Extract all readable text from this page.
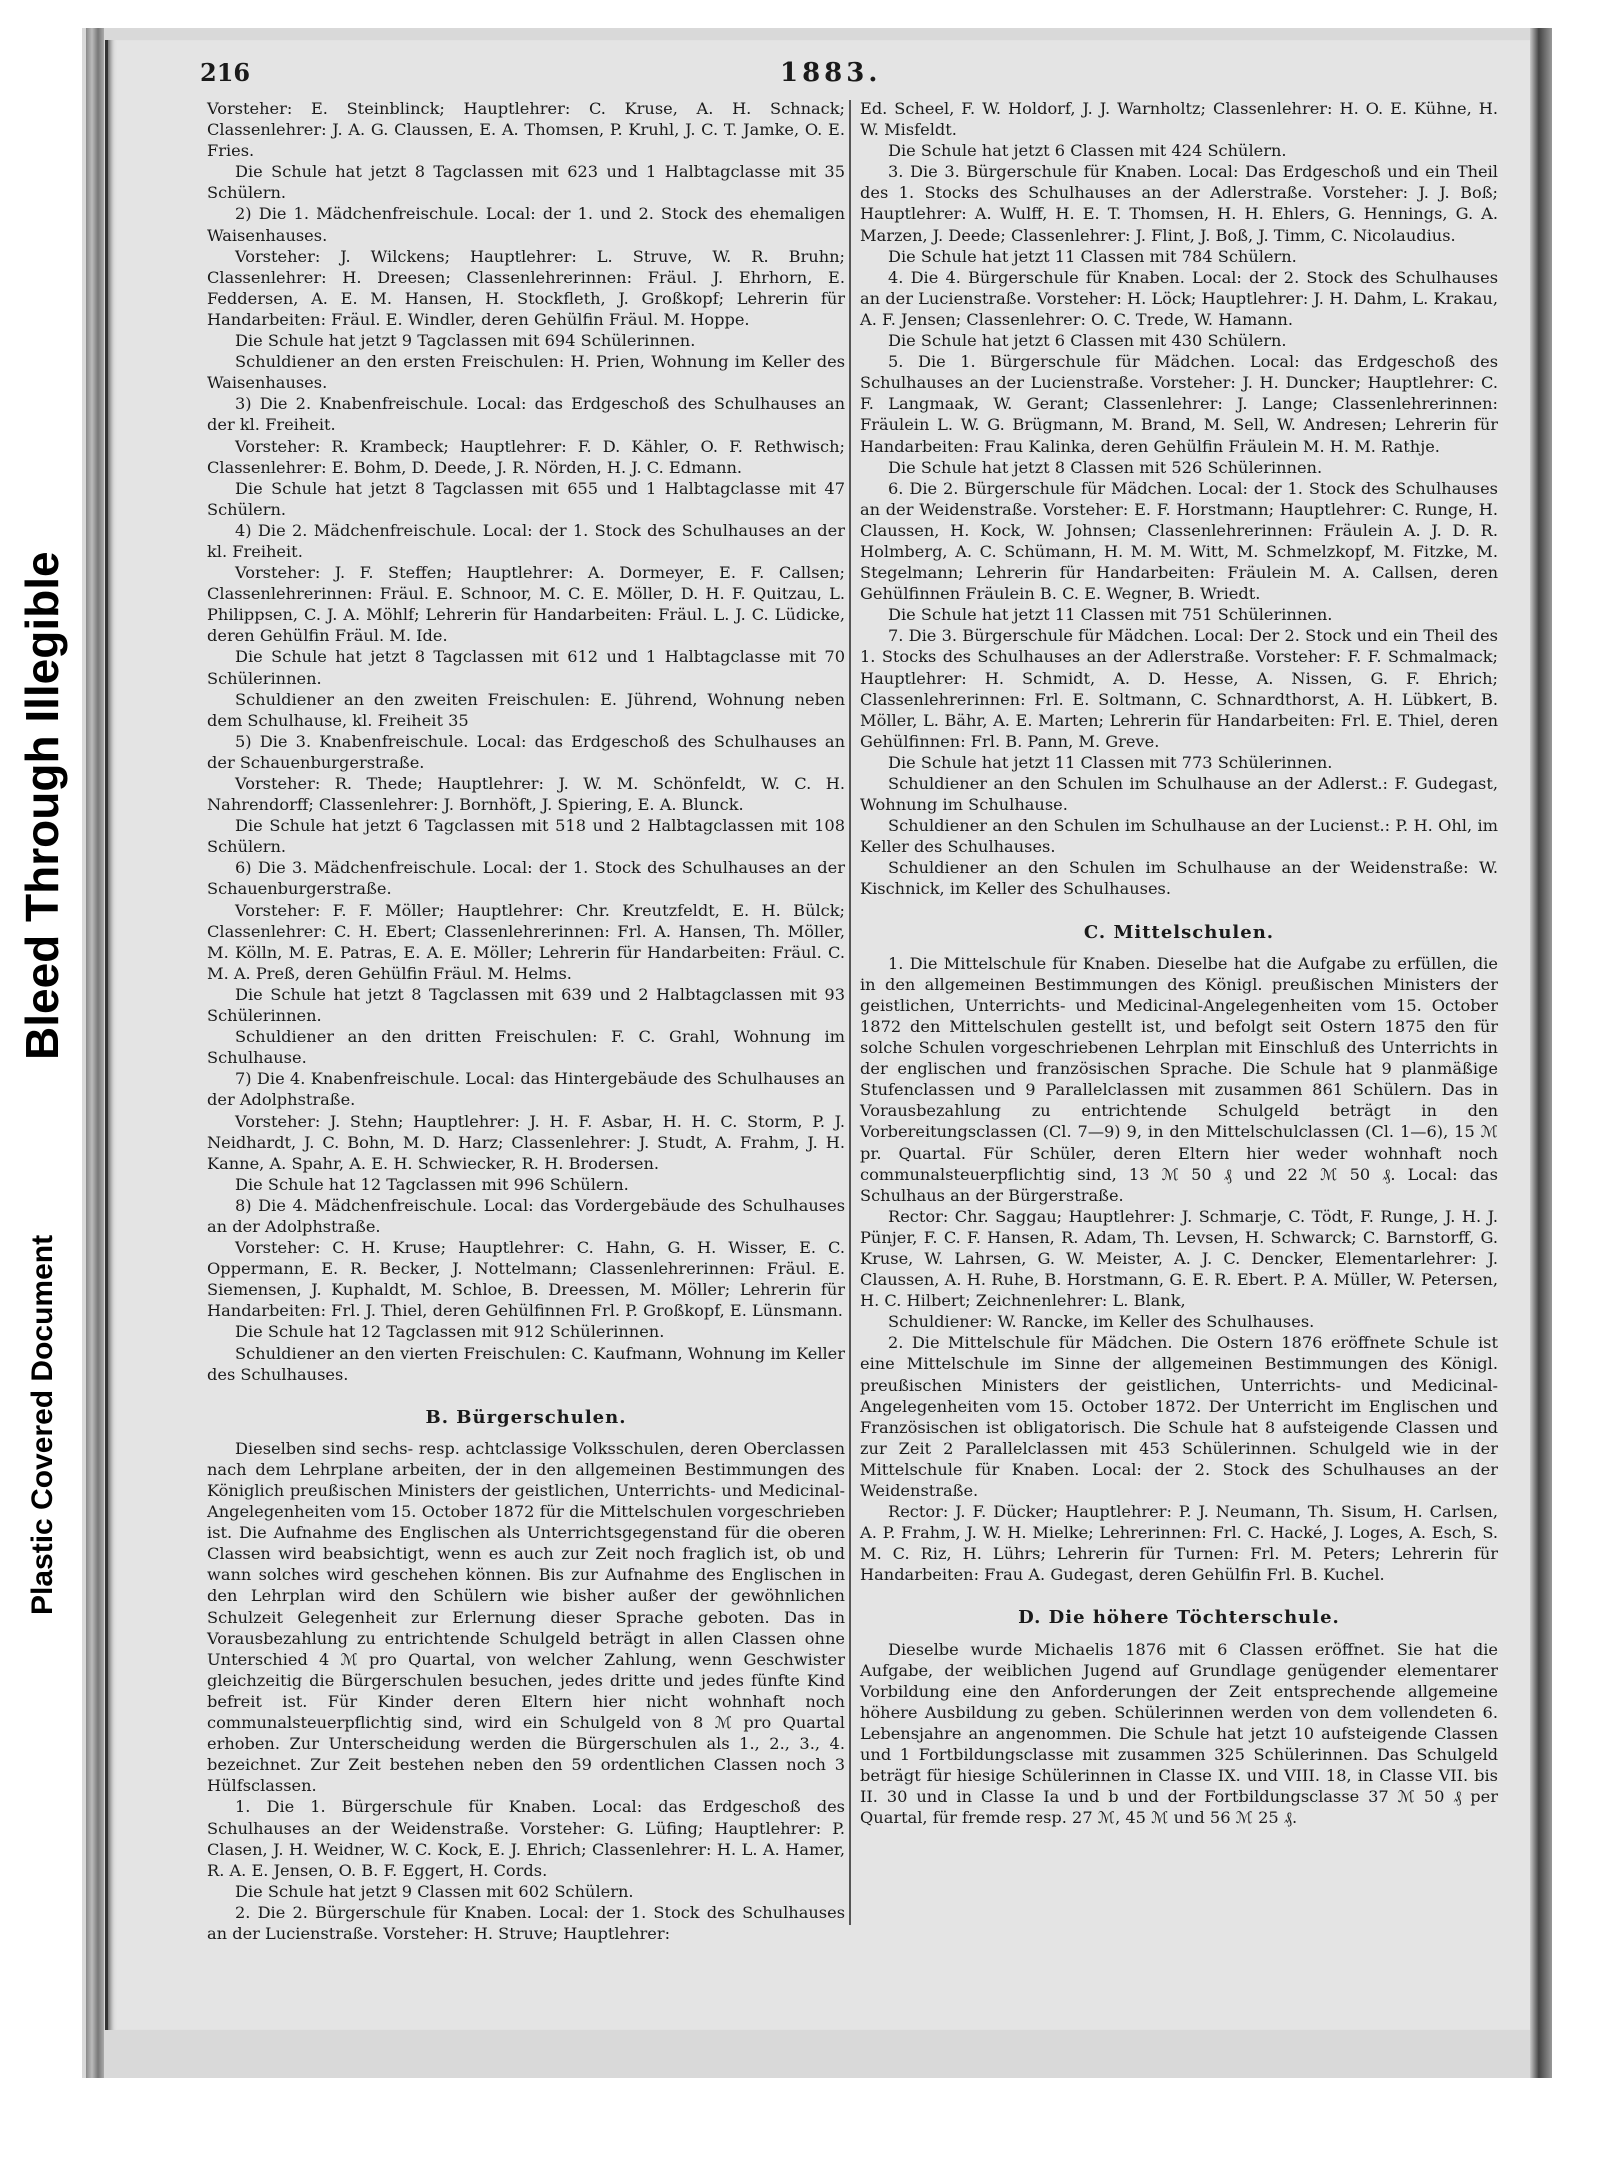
Bleed Through Illegible
Plastic Covered Document
216	1883.

Vorsteher: E. Steinblinck; Hauptlehrer: C. Kruse, A. H. Schnack; Classenlehrer: J. A. G. Claussen, E. A. Thomsen, P. Kruhl, J. C. T. Jamke, O. E. Fries.

Die Schule hat jetzt 8 Tagclassen mit 623 und 1 Halbtagclasse mit 35 Schülern.

2) Die 1. Mädchenfreischule. Local: der 1. und 2. Stock des ehemaligen Waisenhauses.

Vorsteher: J. Wilckens; Hauptlehrer: L. Struve, W. R. Bruhn; Classenlehrer: H. Dreesen; Classenlehrerinnen: Fräul. J. Ehrhorn, E. Feddersen, A. E. M. Hansen, H. Stockfleth, J. Großkopf; Lehrerin für Handarbeiten: Fräul. E. Windler, deren Gehülfin Fräul. M. Hoppe.

Die Schule hat jetzt 9 Tagclassen mit 694 Schülerinnen.

Schuldiener an den ersten Freischulen: H. Prien, Wohnung im Keller des Waisenhauses.

3) Die 2. Knabenfreischule. Local: das Erdgeschoß des Schulhauses an der kl. Freiheit.

Vorsteher: R. Krambeck; Hauptlehrer: F. D. Kähler, O. F. Rethwisch; Classenlehrer: E. Bohm, D. Deede, J. R. Nörden, H. J. C. Edmann.

Die Schule hat jetzt 8 Tagclassen mit 655 und 1 Halbtagclasse mit 47 Schülern.

4) Die 2. Mädchenfreischule. Local: der 1. Stock des Schulhauses an der kl. Freiheit.

Vorsteher: J. F. Steffen; Hauptlehrer: A. Dormeyer, E. F. Callsen; Classenlehrerinnen: Fräul. E. Schnoor, M. C. E. Möller, D. H. F. Quitzau, L. Philippsen, C. J. A. Möhlf; Lehrerin für Handarbeiten: Fräul. L. J. C. Lüdicke, deren Gehülfin Fräul. M. Ide.

Die Schule hat jetzt 8 Tagclassen mit 612 und 1 Halbtagclasse mit 70 Schülerinnen.

Schuldiener an den zweiten Freischulen: E. Jührend, Wohnung neben dem Schulhause, kl. Freiheit 35

5) Die 3. Knabenfreischule. Local: das Erdgeschoß des Schulhauses an der Schauenburgerstraße.

Vorsteher: R. Thede; Hauptlehrer: J. W. M. Schönfeldt, W. C. H. Nahrendorff; Classenlehrer: J. Bornhöft, J. Spiering, E. A. Blunck.

Die Schule hat jetzt 6 Tagclassen mit 518 und 2 Halbtagclassen mit 108 Schülern.

6) Die 3. Mädchenfreischule. Local: der 1. Stock des Schulhauses an der Schauenburgerstraße.

Vorsteher: F. F. Möller; Hauptlehrer: Chr. Kreutzfeldt, E. H. Bülck; Classenlehrer: C. H. Ebert; Classenlehrerinnen: Frl. A. Hansen, Th. Möller, M. Kölln, M. E. Patras, E. A. E. Möller; Lehrerin für Handarbeiten: Fräul. C. M. A. Preß, deren Gehülfin Fräul. M. Helms.

Die Schule hat jetzt 8 Tagclassen mit 639 und 2 Halbtagclassen mit 93 Schülerinnen.

Schuldiener an den dritten Freischulen: F. C. Grahl, Wohnung im Schulhause.

7) Die 4. Knabenfreischule. Local: das Hintergebäude des Schulhauses an der Adolphstraße.

Vorsteher: J. Stehn; Hauptlehrer: J. H. F. Asbar, H. H. C. Storm, P. J. Neidhardt, J. C. Bohn, M. D. Harz; Classenlehrer: J. Studt, A. Frahm, J. H. Kanne, A. Spahr, A. E. H. Schwiecker, R. H. Brodersen.

Die Schule hat 12 Tagclassen mit 996 Schülern.

8) Die 4. Mädchenfreischule. Local: das Vordergebäude des Schulhauses an der Adolphstraße.

Vorsteher: C. H. Kruse; Hauptlehrer: C. Hahn, G. H. Wisser, E. C. Oppermann, E. R. Becker, J. Nottelmann; Classenlehrerinnen: Fräul. E. Siemensen, J. Kuphaldt, M. Schloe, B. Dreessen, M. Möller; Lehrerin für Handarbeiten: Frl. J. Thiel, deren Gehülfinnen Frl. P. Großkopf, E. Lünsmann.

Die Schule hat 12 Tagclassen mit 912 Schülerinnen.

Schuldiener an den vierten Freischulen: C. Kaufmann, Wohnung im Keller des Schulhauses.

B. Bürgerschulen.

Dieselben sind sechs- resp. achtclassige Volksschulen, deren Oberclassen nach dem Lehrplane arbeiten, der in den allgemeinen Bestimmungen des Königlich preußischen Ministers der geistlichen, Unterrichts- und Medicinal-Angelegenheiten vom 15. October 1872 für die Mittelschulen vorgeschrieben ist. Die Aufnahme des Englischen als Unterrichtsgegenstand für die oberen Classen wird beabsichtigt, wenn es auch zur Zeit noch fraglich ist, ob und wann solches wird geschehen können. Bis zur Aufnahme des Englischen in den Lehrplan wird den Schülern wie bisher außer der gewöhnlichen Schulzeit Gelegenheit zur Erlernung dieser Sprache geboten. Das in Vorausbezahlung zu entrichtende Schulgeld beträgt in allen Classen ohne Unterschied 4 ℳ pro Quartal, von welcher Zahlung, wenn Geschwister gleichzeitig die Bürgerschulen besuchen, jedes dritte und jedes fünfte Kind befreit ist. Für Kinder deren Eltern hier nicht wohnhaft noch communalsteuerpflichtig sind, wird ein Schulgeld von 8 ℳ pro Quartal erhoben. Zur Unterscheidung werden die Bürgerschulen als 1., 2., 3., 4. bezeichnet. Zur Zeit bestehen neben den 59 ordentlichen Classen noch 3 Hülfsclassen.

1. Die 1. Bürgerschule für Knaben. Local: das Erdgeschoß des Schulhauses an der Weidenstraße. Vorsteher: G. Lüfing; Hauptlehrer: P. Clasen, J. H. Weidner, W. C. Kock, E. J. Ehrich; Classenlehrer: H. L. A. Hamer, R. A. E. Jensen, O. B. F. Eggert, H. Cords.

Die Schule hat jetzt 9 Classen mit 602 Schülern.

2. Die 2. Bürgerschule für Knaben. Local: der 1. Stock des Schulhauses an der Lucienstraße. Vorsteher: H. Struve; Hauptlehrer:

Ed. Scheel, F. W. Holdorf, J. J. Warnholtz; Classenlehrer: H. O. E. Kühne, H. W. Misfeldt.

Die Schule hat jetzt 6 Classen mit 424 Schülern.

3. Die 3. Bürgerschule für Knaben. Local: Das Erdgeschoß und ein Theil des 1. Stocks des Schulhauses an der Adlerstraße. Vorsteher: J. J. Boß; Hauptlehrer: A. Wulff, H. E. T. Thomsen, H. H. Ehlers, G. Hennings, G. A. Marzen, J. Deede; Classenlehrer: J. Flint, J. Boß, J. Timm, C. Nicolaudius.

Die Schule hat jetzt 11 Classen mit 784 Schülern.

4. Die 4. Bürgerschule für Knaben. Local: der 2. Stock des Schulhauses an der Lucienstraße. Vorsteher: H. Löck; Hauptlehrer: J. H. Dahm, L. Krakau, A. F. Jensen; Classenlehrer: O. C. Trede, W. Hamann.

Die Schule hat jetzt 6 Classen mit 430 Schülern.

5. Die 1. Bürgerschule für Mädchen. Local: das Erdgeschoß des Schulhauses an der Lucienstraße. Vorsteher: J. H. Duncker; Hauptlehrer: C. F. Langmaak, W. Gerant; Classenlehrer: J. Lange; Classenlehrerinnen: Fräulein L. W. G. Brügmann, M. Brand, M. Sell, W. Andresen; Lehrerin für Handarbeiten: Frau Kalinka, deren Gehülfin Fräulein M. H. M. Rathje.

Die Schule hat jetzt 8 Classen mit 526 Schülerinnen.

6. Die 2. Bürgerschule für Mädchen. Local: der 1. Stock des Schulhauses an der Weidenstraße. Vorsteher: E. F. Horstmann; Hauptlehrer: C. Runge, H. Claussen, H. Kock, W. Johnsen; Classenlehrerinnen: Fräulein A. J. D. R. Holmberg, A. C. Schümann, H. M. M. Witt, M. Schmelzkopf, M. Fitzke, M. Stegelmann; Lehrerin für Handarbeiten: Fräulein M. A. Callsen, deren Gehülfinnen Fräulein B. C. E. Wegner, B. Wriedt.

Die Schule hat jetzt 11 Classen mit 751 Schülerinnen.

7. Die 3. Bürgerschule für Mädchen. Local: Der 2. Stock und ein Theil des 1. Stocks des Schulhauses an der Adlerstraße. Vorsteher: F. F. Schmalmack; Hauptlehrer: H. Schmidt, A. D. Hesse, A. Nissen, G. F. Ehrich; Classenlehrerinnen: Frl. E. Soltmann, C. Schnardthorst, A. H. Lübkert, B. Möller, L. Bähr, A. E. Marten; Lehrerin für Handarbeiten: Frl. E. Thiel, deren Gehülfinnen: Frl. B. Pann, M. Greve.

Die Schule hat jetzt 11 Classen mit 773 Schülerinnen.

Schuldiener an den Schulen im Schulhause an der Adlerst.: F. Gudegast, Wohnung im Schulhause.

Schuldiener an den Schulen im Schulhause an der Lucienst.: P. H. Ohl, im Keller des Schulhauses.

Schuldiener an den Schulen im Schulhause an der Weidenstraße: W. Kischnick, im Keller des Schulhauses.

C. Mittelschulen.

1. Die Mittelschule für Knaben. Dieselbe hat die Aufgabe zu erfüllen, die in den allgemeinen Bestimmungen des Königl. preußischen Ministers der geistlichen, Unterrichts- und Medicinal-Angelegenheiten vom 15. October 1872 den Mittelschulen gestellt ist, und befolgt seit Ostern 1875 den für solche Schulen vorgeschriebenen Lehrplan mit Einschluß des Unterrichts in der englischen und französischen Sprache. Die Schule hat 9 planmäßige Stufenclassen und 9 Parallelclassen mit zusammen 861 Schülern. Das in Vorausbezahlung zu entrichtende Schulgeld beträgt in den Vorbereitungsclassen (Cl. 7—9) 9, in den Mittelschulclassen (Cl. 1—6), 15 ℳ pr. Quartal. Für Schüler, deren Eltern hier weder wohnhaft noch communalsteuerpflichtig sind, 13 ℳ 50 ₰ und 22 ℳ 50 ₰. Local: das Schulhaus an der Bürgerstraße.

Rector: Chr. Saggau; Hauptlehrer: J. Schmarje, C. Tödt, F. Runge, J. H. J. Pünjer, F. C. F. Hansen, R. Adam, Th. Levsen, H. Schwarck; C. Barnstorff, G. Kruse, W. Lahrsen, G. W. Meister, A. J. C. Dencker, Elementarlehrer: J. Claussen, A. H. Ruhe, B. Horstmann, G. E. R. Ebert. P. A. Müller, W. Petersen, H. C. Hilbert; Zeichnenlehrer: L. Blank,

Schuldiener: W. Rancke, im Keller des Schulhauses.

2. Die Mittelschule für Mädchen. Die Ostern 1876 eröffnete Schule ist eine Mittelschule im Sinne der allgemeinen Bestimmungen des Königl. preußischen Ministers der geistlichen, Unterrichts- und Medicinal-Angelegenheiten vom 15. October 1872. Der Unterricht im Englischen und Französischen ist obligatorisch. Die Schule hat 8 aufsteigende Classen und zur Zeit 2 Parallelclassen mit 453 Schülerinnen. Schulgeld wie in der Mittelschule für Knaben. Local: der 2. Stock des Schulhauses an der Weidenstraße.

Rector: J. F. Dücker; Hauptlehrer: P. J. Neumann, Th. Sisum, H. Carlsen, A. P. Frahm, J. W. H. Mielke; Lehrerinnen: Frl. C. Hacké, J. Loges, A. Esch, S. M. C. Riz, H. Lührs; Lehrerin für Turnen: Frl. M. Peters; Lehrerin für Handarbeiten: Frau A. Gudegast, deren Gehülfin Frl. B. Kuchel.

D. Die höhere Töchterschule.

Dieselbe wurde Michaelis 1876 mit 6 Classen eröffnet. Sie hat die Aufgabe, der weiblichen Jugend auf Grundlage genügender elementarer Vorbildung eine den Anforderungen der Zeit entsprechende allgemeine höhere Ausbildung zu geben. Schülerinnen werden von dem vollendeten 6. Lebensjahre an angenommen. Die Schule hat jetzt 10 aufsteigende Classen und 1 Fortbildungsclasse mit zusammen 325 Schülerinnen. Das Schulgeld beträgt für hiesige Schülerinnen in Classe IX. und VIII. 18, in Classe VII. bis II. 30 und in Classe Ia und b und der Fortbildungsclasse 37 ℳ 50 ₰ per Quartal, für fremde resp. 27 ℳ, 45 ℳ und 56 ℳ 25 ₰.
